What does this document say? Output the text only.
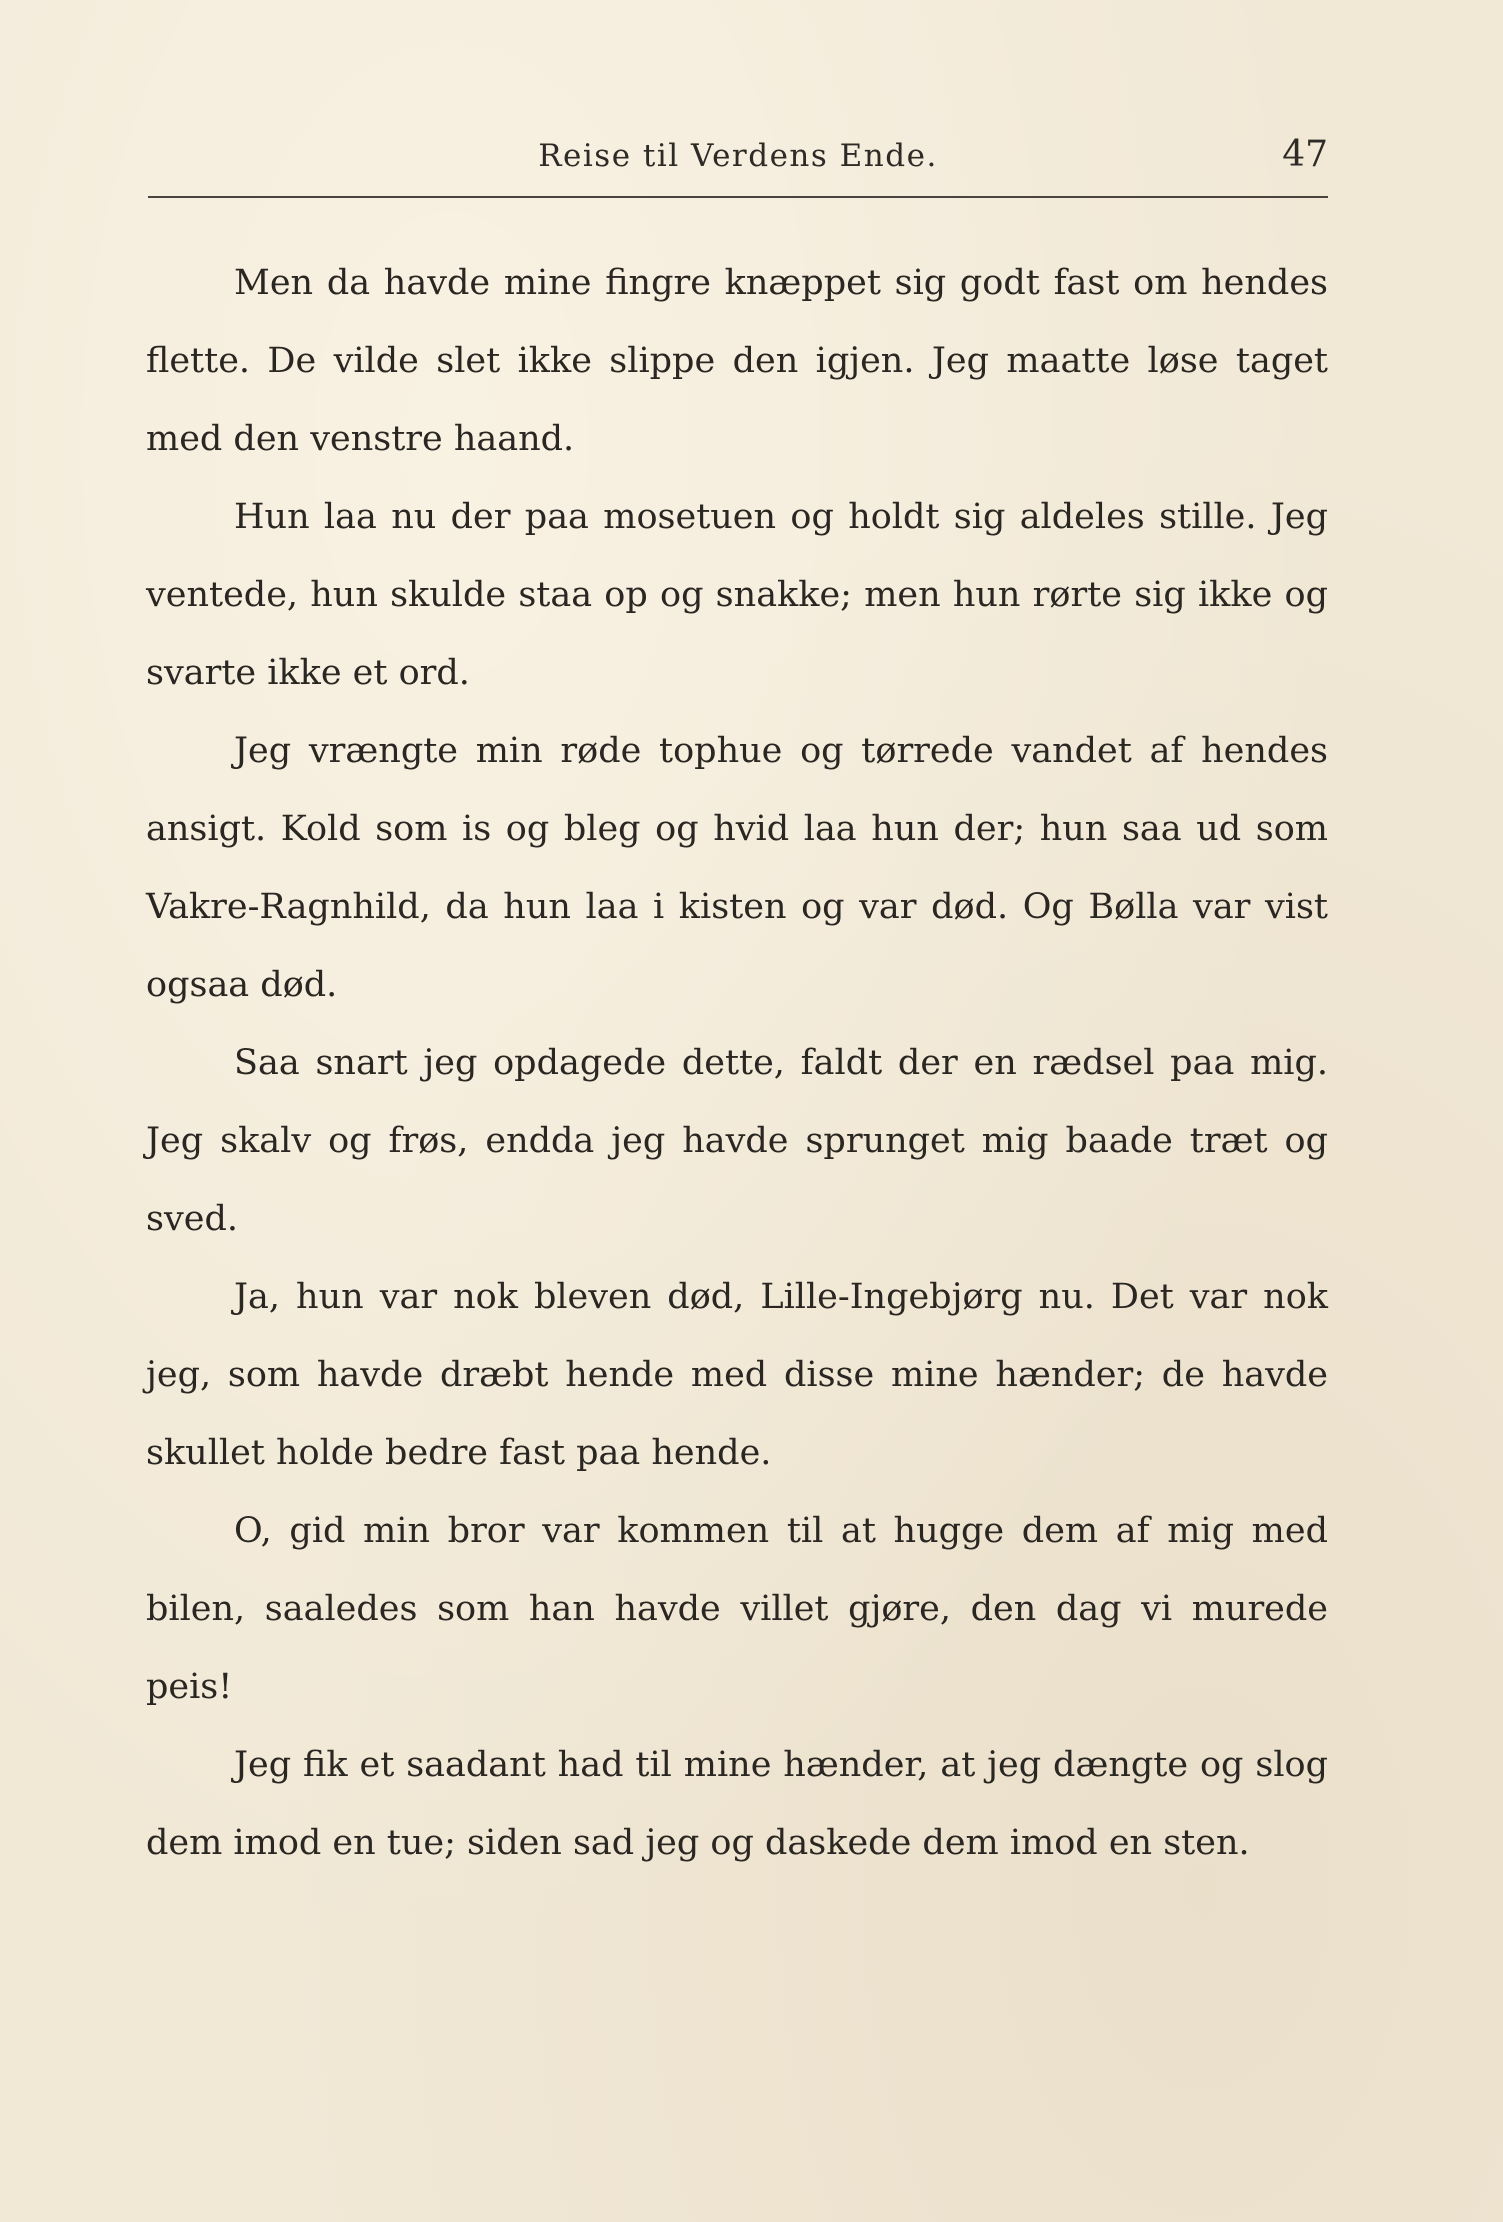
Reise til Verdens Ende.	47

Men da havde mine fingre knæppet sig godt fast om hendes flette. De vilde slet ikke slippe den igjen. Jeg maatte løse taget med den venstre haand.

Hun laa nu der paa mosetuen og holdt sig aldeles stille. Jeg ventede, hun skulde staa op og snakke; men hun rørte sig ikke og svarte ikke et ord.

Jeg vrængte min røde tophue og tørrede vandet af hendes ansigt. Kold som is og bleg og hvid laa hun der; hun saa ud som Vakre-Ragnhild, da hun laa i kisten og var død. Og Bølla var vist ogsaa død.

Saa snart jeg opdagede dette, faldt der en rædsel paa mig. Jeg skalv og frøs, endda jeg havde sprunget mig baade træt og sved.

Ja, hun var nok bleven død, Lille-Ingebjørg nu. Det var nok jeg, som havde dræbt hende med disse mine hænder; de havde skullet holde bedre fast paa hende.

O, gid min bror var kommen til at hugge dem af mig med bilen, saaledes som han havde villet gjøre, den dag vi murede peis!

Jeg fik et saadant had til mine hænder, at jeg dængte og slog dem imod en tue; siden sad jeg og daskede dem imod en sten.
